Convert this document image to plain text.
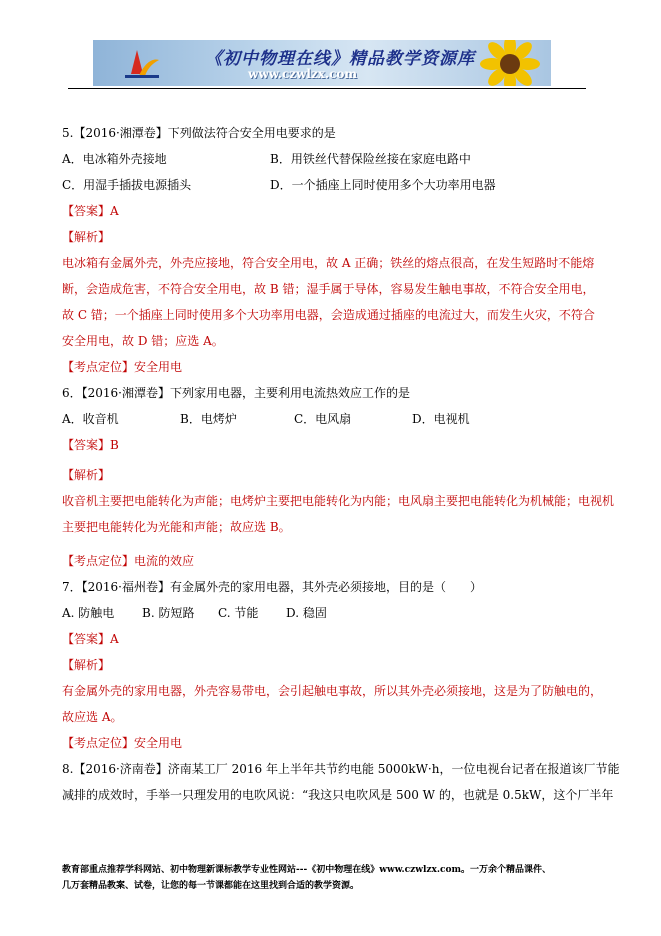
《初中物理在线》精品教学资源库
www.czwlzx.com
5.【2016·湘潭卷】下列做法符合安全用电要求的是
A．电冰箱外壳接地	B．用铁丝代替保险丝接在家庭电路中
C．用湿手插拔电源插头	D．一个插座上同时使用多个大功率用电器
【答案】A
【解析】
电冰箱有金属外壳，外壳应接地，符合安全用电，故 A 正确；铁丝的熔点很高，在发生短路时不能熔
断，会造成危害，不符合安全用电，故 B 错；湿手属于导体，容易发生触电事故，不符合安全用电，
故 C 错；一个插座上同时使用多个大功率用电器，会造成通过插座的电流过大，而发生火灾，不符合
安全用电，故 D 错；应选 A。
【考点定位】安全用电
6．【2016·湘潭卷】下列家用电器，主要利用电流热效应工作的是
A．收音机	B．电烤炉	C．电风扇	D．电视机
【答案】B
【解析】
收音机主要把电能转化为声能；电烤炉主要把电能转化为内能；电风扇主要把电能转化为机械能；电视机
主要把电能转化为光能和声能；故应选 B。
【考点定位】电流的效应
7．【2016·福州卷】有金属外壳的家用电器，其外壳必须接地，目的是（　　）
A. 防触电 B. 防短路 C. 节能 D. 稳固
【答案】A
【解析】
有金属外壳的家用电器，外壳容易带电，会引起触电事故，所以其外壳必须接地，这是为了防触电的，
故应选 A。
【考点定位】安全用电
8.【2016·济南卷】济南某工厂 2016 年上半年共节约电能 5000kW·h，一位电视台记者在报道该厂节能
减排的成效时，手举一只理发用的电吹风说：“我这只电吹风是 500 W 的，也就是 0.5kW，这个厂半年
教育部重点推荐学科网站、初中物理新课标教学专业性网站---《初中物理在线》www.czwlzx.com。一万余个精品课件、
几万套精品教案、试卷，让您的每一节课都能在这里找到合适的教学资源。
